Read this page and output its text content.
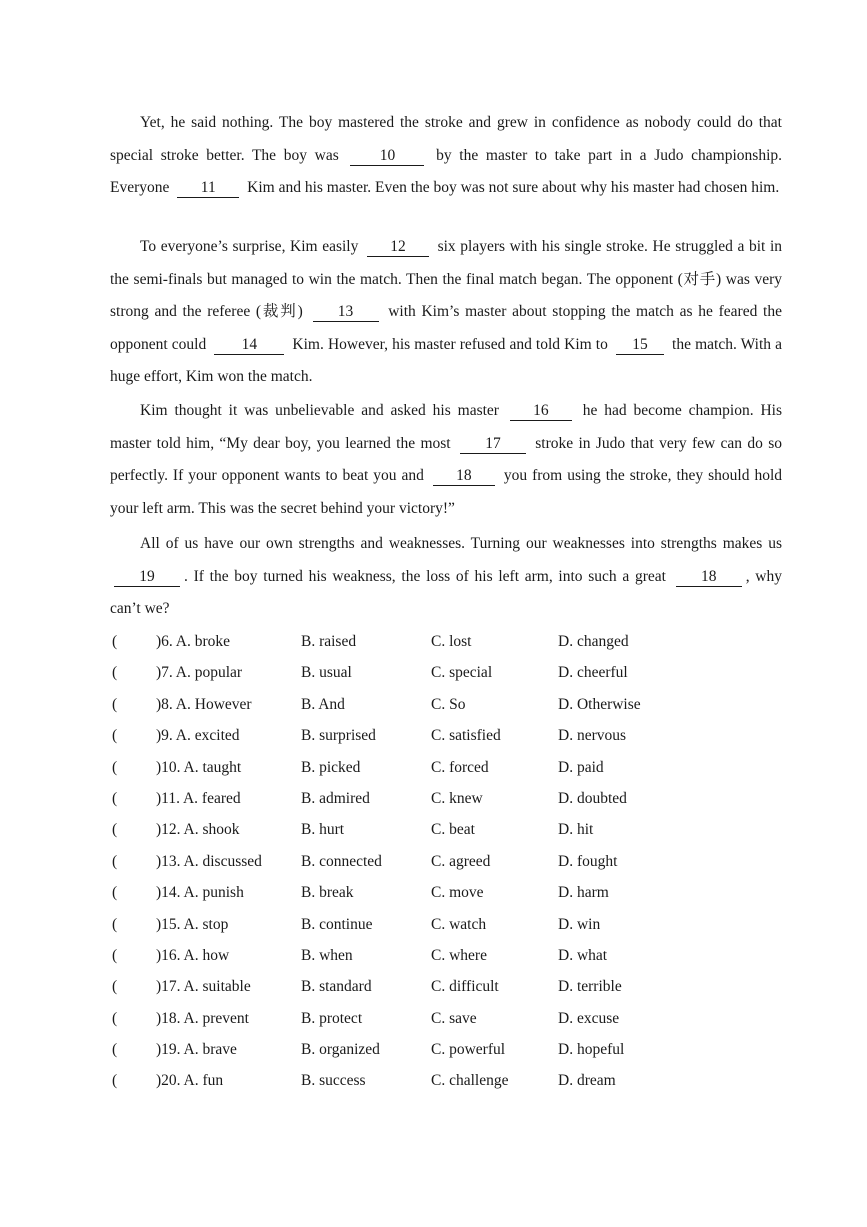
Yet, he said nothing. The boy mastered the stroke and grew in confidence as nobody could do that special stroke better. The boy was 10 by the master to take part in a Judo championship. Everyone 11 Kim and his master. Even the boy was not sure about why his master had chosen him.

To everyone’s surprise, Kim easily 12 six players with his single stroke. He struggled a bit in the semi-finals but managed to win the match. Then the final match began. The opponent (对手) was very strong and the referee (裁判) 13 with Kim’s master about stopping the match as he feared the opponent could 14 Kim. However, his master refused and told Kim to 15 the match. With a huge effort, Kim won the match.

Kim thought it was unbelievable and asked his master 16 he had become champion. His master told him, “My dear boy, you learned the most 17 stroke in Judo that very few can do so perfectly. If your opponent wants to beat you and 18 you from using the stroke, they should hold your left arm. This was the secret behind your victory!”

All of us have our own strengths and weaknesses. Turning our weaknesses into strengths makes us 19 . If the boy turned his weakness, the loss of his left arm, into such a great 18 , why can’t we?

(	)6. A. broke	B. raised	C. lost	D. changed
(	)7. A. popular	B. usual	C. special	D. cheerful
(	)8. A. However	B. And	C. So	D. Otherwise
(	)9. A. excited	B. surprised	C. satisfied	D. nervous
(	)10. A. taught	B. picked	C. forced	D. paid
(	)11. A. feared	B. admired	C. knew	D. doubted
(	)12. A. shook	B. hurt	C. beat	D. hit
(	)13. A. discussed	B. connected	C. agreed	D. fought
(	)14. A. punish	B. break	C. move	D. harm
(	)15. A. stop	B. continue	C. watch	D. win
(	)16. A. how	B. when	C. where	D. what
(	)17. A. suitable	B. standard	C. difficult	D. terrible
(	)18. A. prevent	B. protect	C. save	D. excuse
(	)19. A. brave	B. organized	C. powerful	D. hopeful
(	)20. A. fun	B. success	C. challenge	D. dream
